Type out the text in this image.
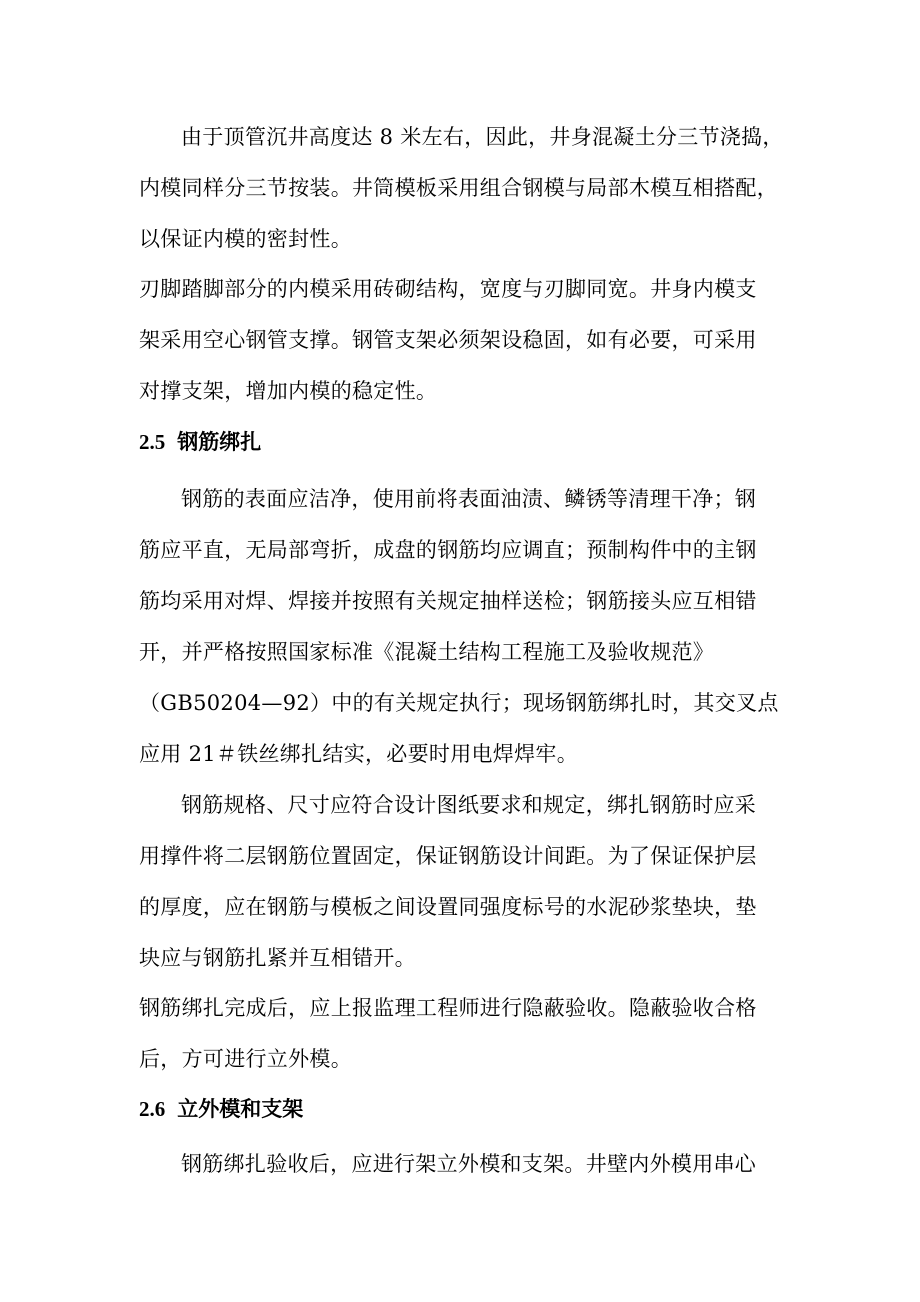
由于顶管沉井高度达 8 米左右，因此，井身混凝土分三节浇捣，
内模同样分三节按装。井筒模板采用组合钢模与局部木模互相搭配，
以保证内模的密封性。

刃脚踏脚部分的内模采用砖砌结构，宽度与刃脚同宽。井身内模支
架采用空心钢管支撑。钢管支架必须架设稳固，如有必要，可采用
对撑支架，增加内模的稳定性。

2.5 钢筋绑扎

钢筋的表面应洁净，使用前将表面油渍、鳞锈等清理干净；钢
筋应平直，无局部弯折，成盘的钢筋均应调直；预制构件中的主钢
筋均采用对焊、焊接并按照有关规定抽样送检；钢筋接头应互相错
开，并严格按照国家标准《混凝土结构工程施工及验收规范》
（GB50204—92）中的有关规定执行；现场钢筋绑扎时，其交叉点
应用 21＃铁丝绑扎结实，必要时用电焊焊牢。

钢筋规格、尺寸应符合设计图纸要求和规定，绑扎钢筋时应采
用撑件将二层钢筋位置固定，保证钢筋设计间距。为了保证保护层
的厚度，应在钢筋与模板之间设置同强度标号的水泥砂浆垫块，垫
块应与钢筋扎紧并互相错开。

钢筋绑扎完成后，应上报监理工程师进行隐蔽验收。隐蔽验收合格
后，方可进行立外模。

2.6 立外模和支架

钢筋绑扎验收后，应进行架立外模和支架。井壁内外模用串心
